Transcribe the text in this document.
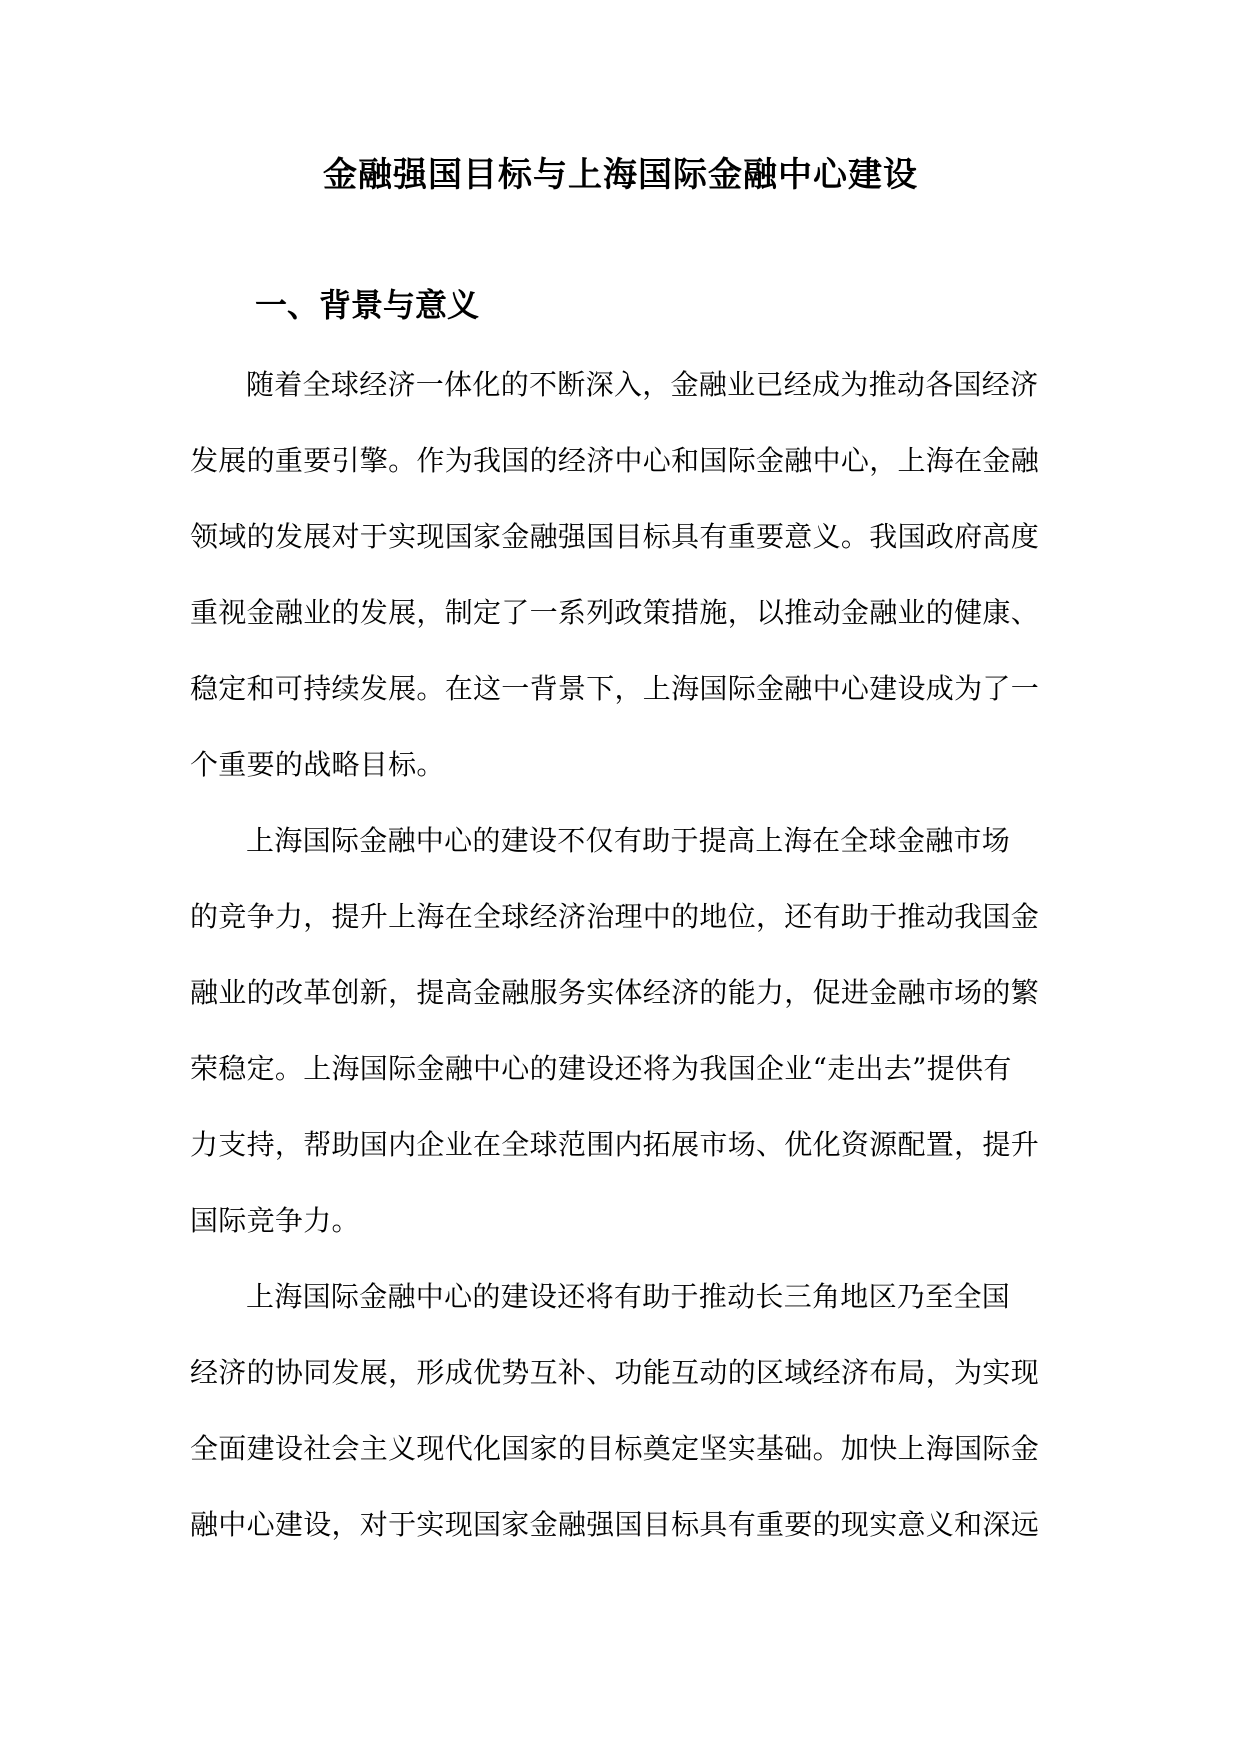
金融强国目标与上海国际金融中心建设
一、背景与意义
随着全球经济一体化的不断深入，金融业已经成为推动各国经济
发展的重要引擎。作为我国的经济中心和国际金融中心，上海在金融
领域的发展对于实现国家金融强国目标具有重要意义。我国政府高度
重视金融业的发展，制定了一系列政策措施，以推动金融业的健康、
稳定和可持续发展。在这一背景下，上海国际金融中心建设成为了一
个重要的战略目标。
上海国际金融中心的建设不仅有助于提高上海在全球金融市场
的竞争力，提升上海在全球经济治理中的地位，还有助于推动我国金
融业的改革创新，提高金融服务实体经济的能力，促进金融市场的繁
荣稳定。上海国际金融中心的建设还将为我国企业“走出去”提供有
力支持，帮助国内企业在全球范围内拓展市场、优化资源配置，提升
国际竞争力。
上海国际金融中心的建设还将有助于推动长三角地区乃至全国
经济的协同发展，形成优势互补、功能互动的区域经济布局，为实现
全面建设社会主义现代化国家的目标奠定坚实基础。加快上海国际金
融中心建设，对于实现国家金融强国目标具有重要的现实意义和深远
